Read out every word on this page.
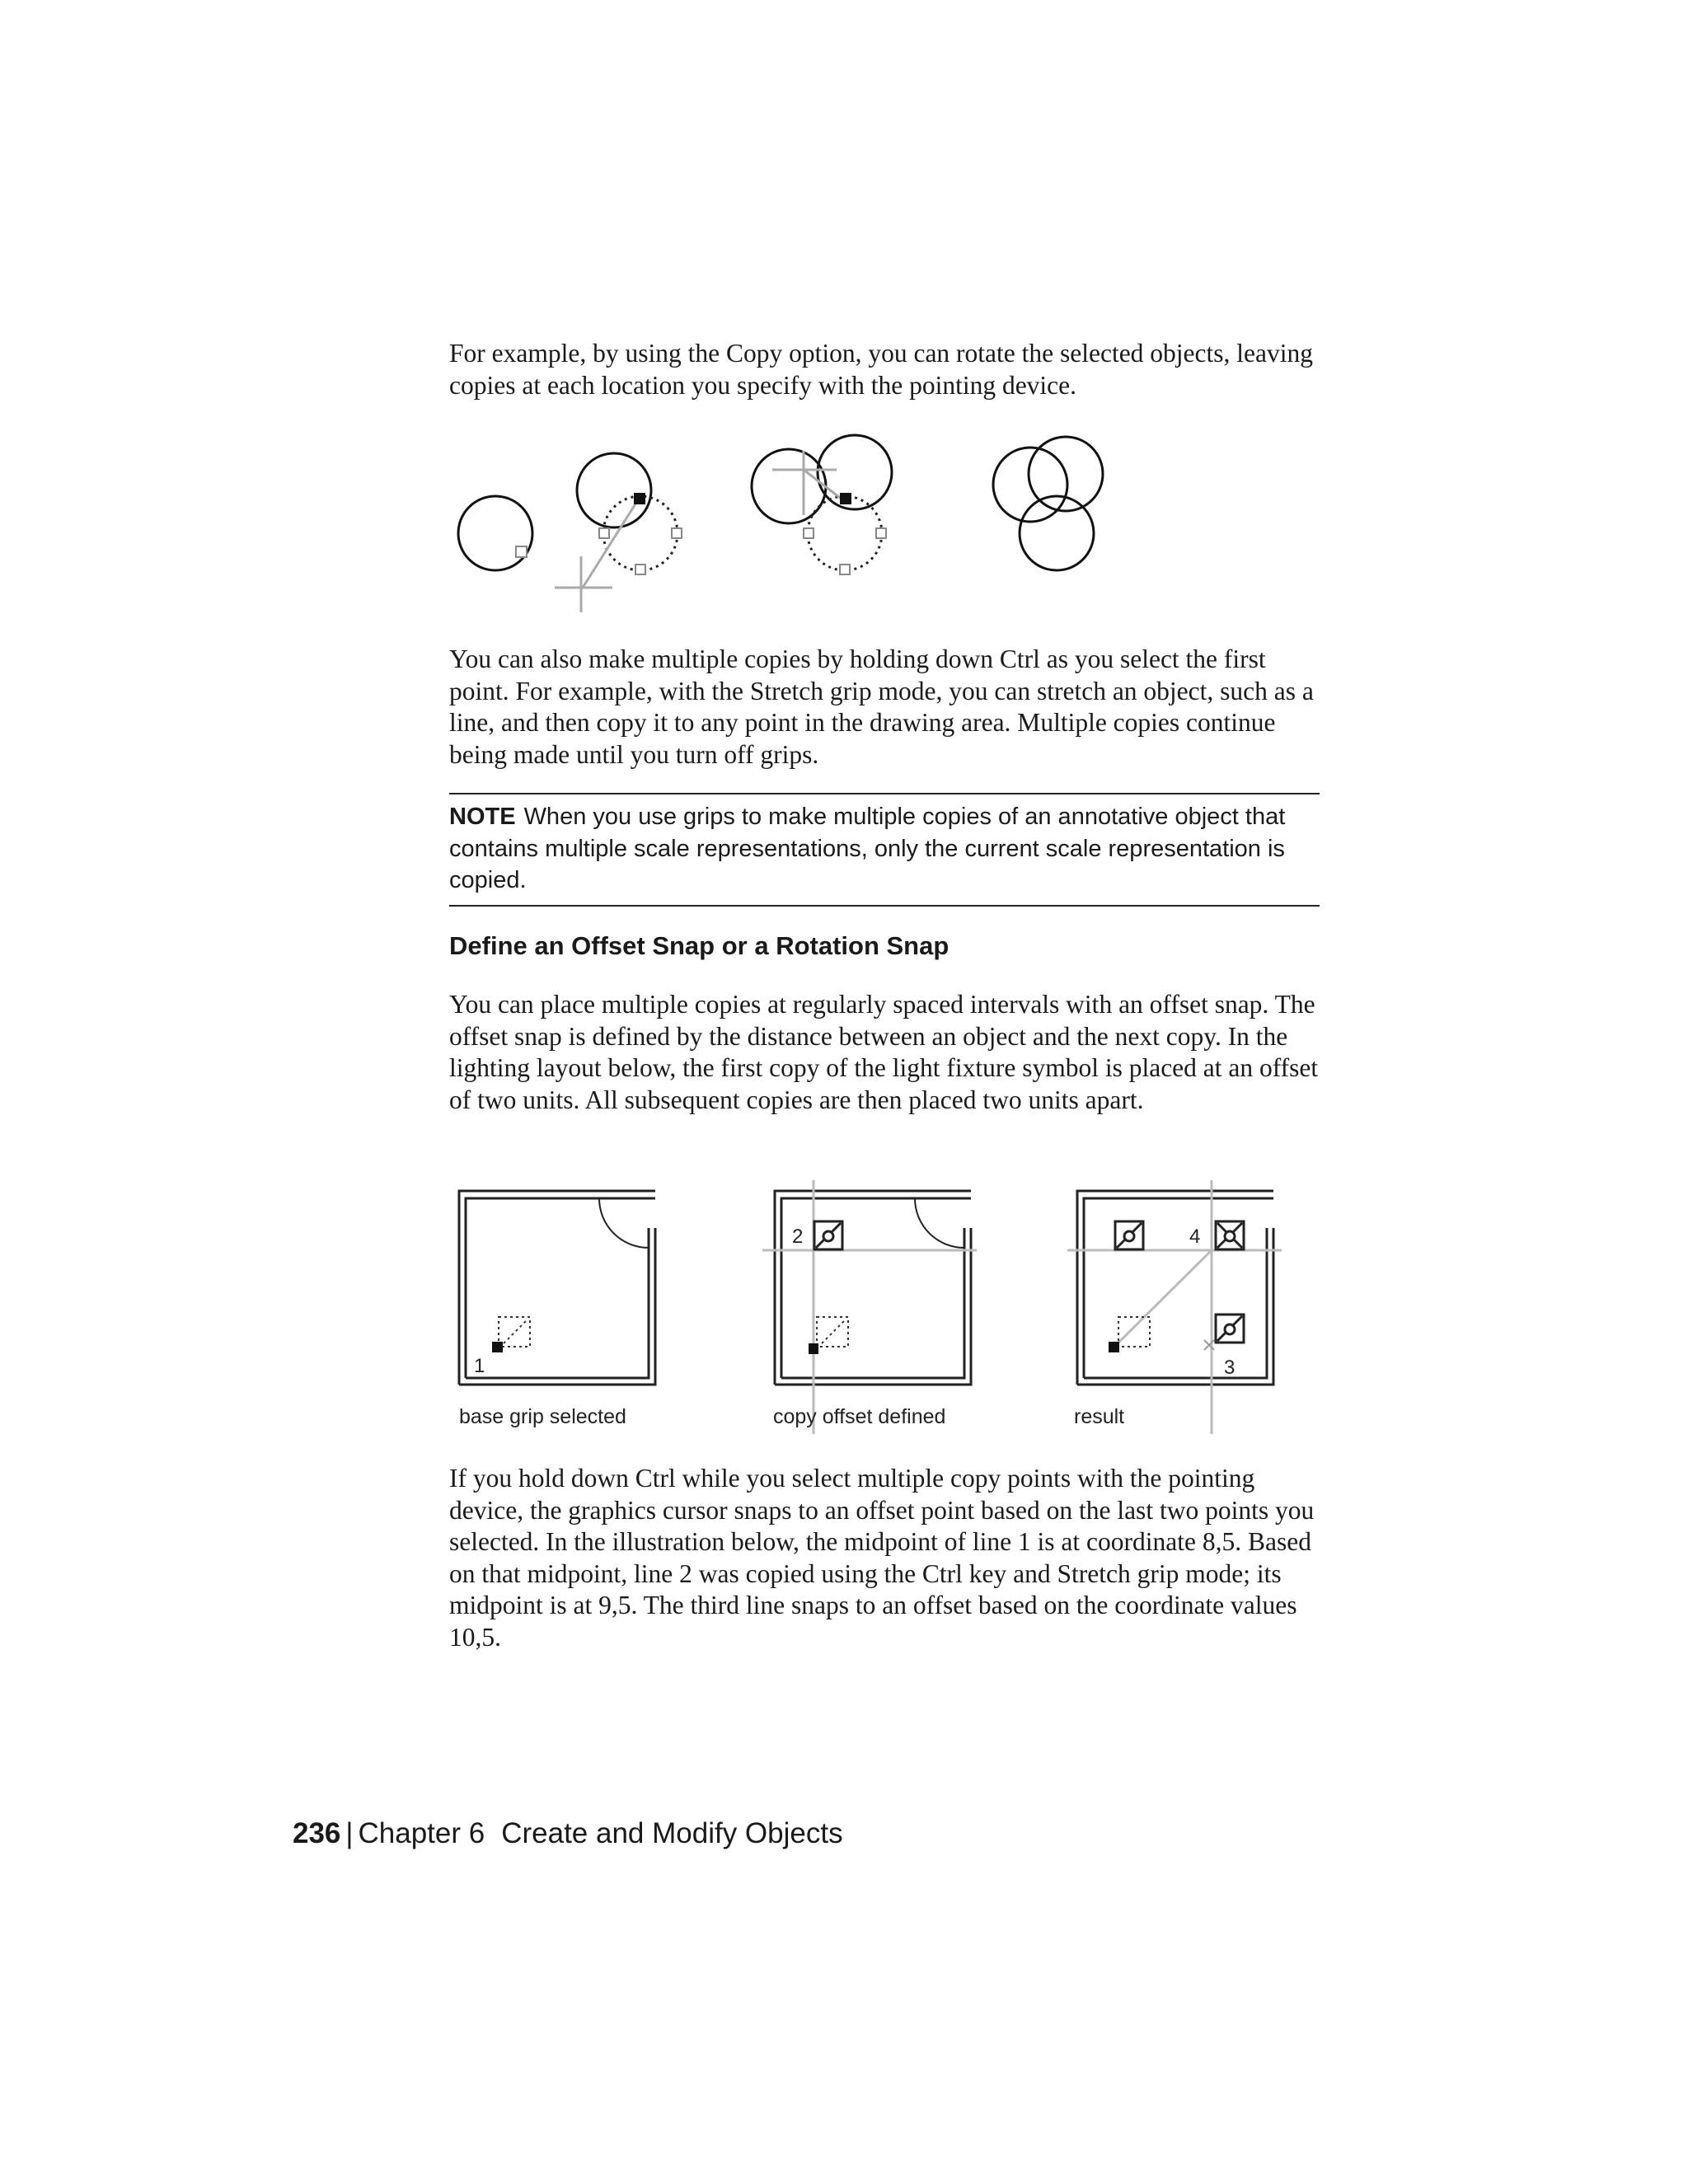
For example, by using the Copy option, you can rotate the selected objects, leaving copies at each location you specify with the pointing device.
You can also make multiple copies by holding down Ctrl as you select the first point. For example, with the Stretch grip mode, you can stretch an object, such as a line, and then copy it to any point in the drawing area. Multiple copies continue being made until you turn off grips.
NOTE When you use grips to make multiple copies of an annotative object that contains multiple scale representations, only the current scale representation is copied.
Define an Offset Snap or a Rotation Snap
You can place multiple copies at regularly spaced intervals with an offset snap. The offset snap is defined by the distance between an object and the next copy. In the lighting layout below, the first copy of the light fixture symbol is placed at an offset of two units. All subsequent copies are then placed two units apart.
1
2	4
3
base grip selected	copy offset defined	result
If you hold down Ctrl while you select multiple copy points with the pointing device, the graphics cursor snaps to an offset point based on the last two points you selected. In the illustration below, the midpoint of line 1 is at coordinate 8,5. Based on that midpoint, line 2 was copied using the Ctrl key and Stretch grip mode; its midpoint is at 9,5. The third line snaps to an offset based on the coordinate values 10,5.
236 | Chapter 6 Create and Modify Objects
